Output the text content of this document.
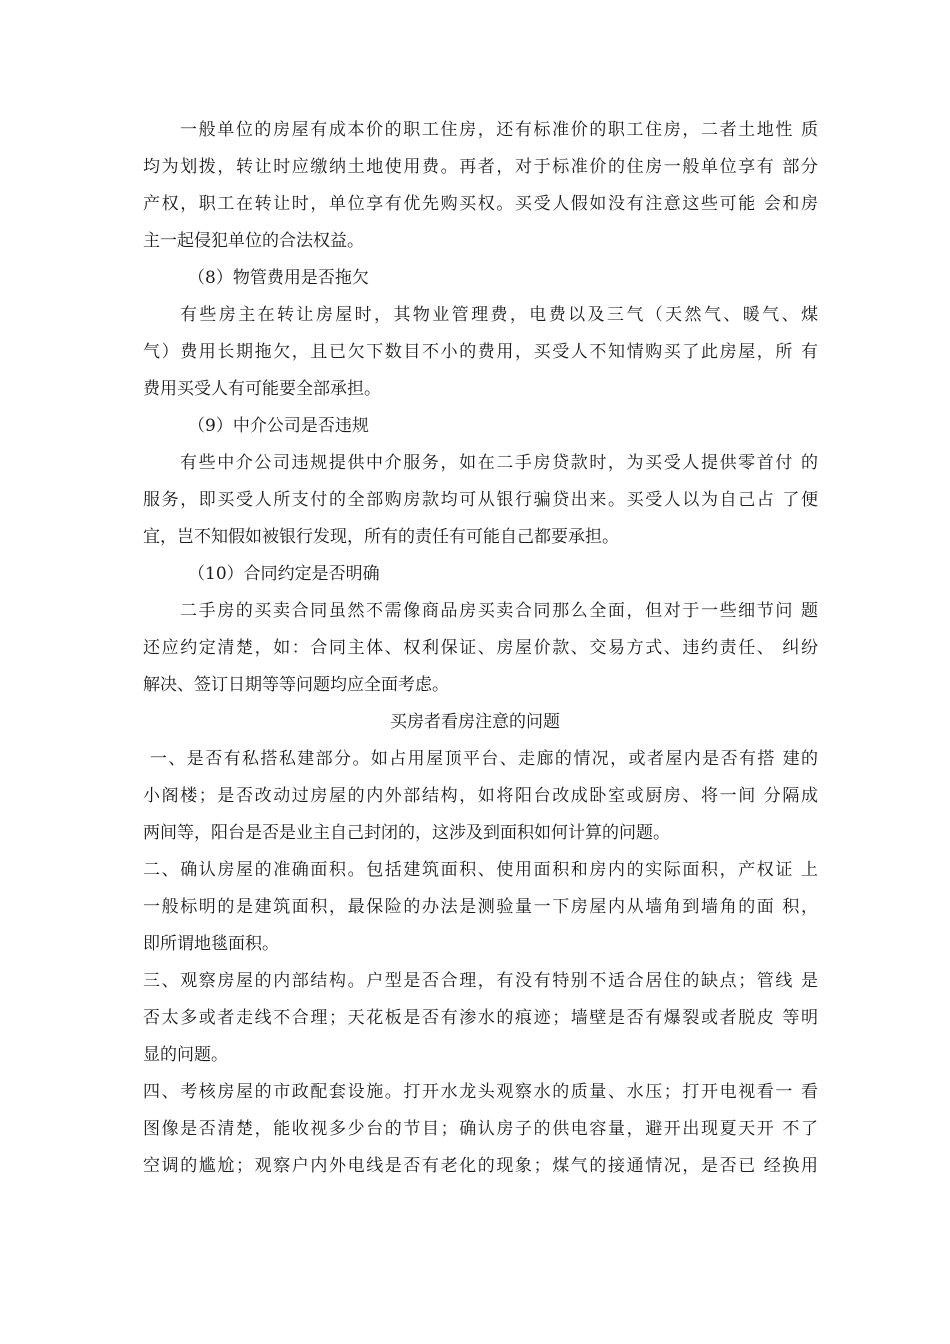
一般单位的房屋有成本价的职工住房，还有标准价的职工住房，二者土地性 质
均为划拨，转让时应缴纳土地使用费。再者，对于标准价的住房一般单位享有 部分
产权，职工在转让时，单位享有优先购买权。买受人假如没有注意这些可能 会和房
主一起侵犯单位的合法权益。
（8）物管费用是否拖欠
有些房主在转让房屋时，其物业管理费，电费以及三气（天然气、暖气、煤
气）费用长期拖欠，且已欠下数目不小的费用，买受人不知情购买了此房屋，所 有
费用买受人有可能要全部承担。
（9）中介公司是否违规
有些中介公司违规提供中介服务，如在二手房贷款时，为买受人提供零首付 的
服务，即买受人所支付的全部购房款均可从银行骗贷出来。买受人以为自己占 了便
宜，岂不知假如被银行发现，所有的责任有可能自己都要承担。
（10）合同约定是否明确
二手房的买卖合同虽然不需像商品房买卖合同那么全面，但对于一些细节问 题
还应约定清楚，如：合同主体、权利保证、房屋价款、交易方式、违约责任、 纠纷
解决、签订日期等等问题均应全面考虑。
买房者看房注意的问题
一、是否有私搭私建部分。如占用屋顶平台、走廊的情况，或者屋内是否有搭 建的
小阁楼；是否改动过房屋的内外部结构，如将阳台改成卧室或厨房、将一间 分隔成
两间等，阳台是否是业主自己封闭的，这涉及到面积如何计算的问题。
二、确认房屋的准确面积。包括建筑面积、使用面积和房内的实际面积，产权证 上
一般标明的是建筑面积，最保险的办法是测验量一下房屋内从墙角到墙角的面 积，
即所谓地毯面积。
三、观察房屋的内部结构。户型是否合理，有没有特别不适合居住的缺点；管线 是
否太多或者走线不合理；天花板是否有渗水的痕迹；墙壁是否有爆裂或者脱皮 等明
显的问题。
四、考核房屋的市政配套设施。打开水龙头观察水的质量、水压；打开电视看一 看
图像是否清楚，能收视多少台的节目；确认房子的供电容量，避开出现夏天开 不了
空调的尴尬；观察户内外电线是否有老化的现象；煤气的接通情况，是否已 经换用
